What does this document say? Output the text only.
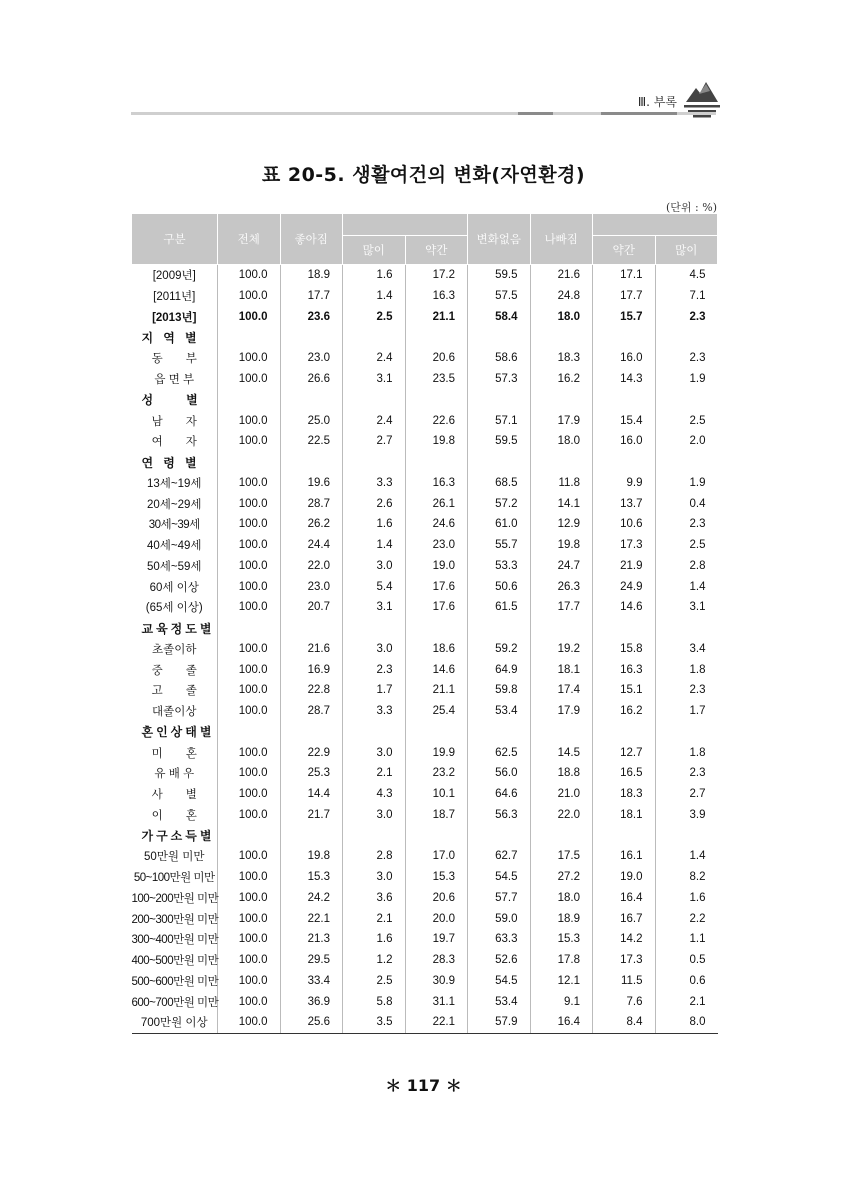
Ⅲ. 부록
표 20-5. 생활여건의 변화(자연환경)
(단위 : %)
구분	전체	좋아짐			변화없음	나빠짐		
			많이	약간			약간	많이
[2009년]	100.0	18.9	1.6	17.2	59.5	21.6	17.1	4.5
[2011년]	100.0	17.7	1.4	16.3	57.5	24.8	17.7	7.1
[2013년]	100.0	23.6	2.5	21.1	58.4	18.0	15.7	2.3
지 역 별								
동　　부	100.0	23.0	2.4	20.6	58.6	18.3	16.0	2.3
읍 면 부	100.0	26.6	3.1	23.5	57.3	16.2	14.3	1.9
성　　별								
남　　자	100.0	25.0	2.4	22.6	57.1	17.9	15.4	2.5
여　　자	100.0	22.5	2.7	19.8	59.5	18.0	16.0	2.0
연 령 별								
13세~19세	100.0	19.6	3.3	16.3	68.5	11.8	9.9	1.9
20세~29세	100.0	28.7	2.6	26.1	57.2	14.1	13.7	0.4
30세~39세	100.0	26.2	1.6	24.6	61.0	12.9	10.6	2.3
40세~49세	100.0	24.4	1.4	23.0	55.7	19.8	17.3	2.5
50세~59세	100.0	22.0	3.0	19.0	53.3	24.7	21.9	2.8
60세 이상	100.0	23.0	5.4	17.6	50.6	26.3	24.9	1.4
(65세 이상)	100.0	20.7	3.1	17.6	61.5	17.7	14.6	3.1
교육정도별								
초졸이하	100.0	21.6	3.0	18.6	59.2	19.2	15.8	3.4
중　　졸	100.0	16.9	2.3	14.6	64.9	18.1	16.3	1.8
고　　졸	100.0	22.8	1.7	21.1	59.8	17.4	15.1	2.3
대졸이상	100.0	28.7	3.3	25.4	53.4	17.9	16.2	1.7
혼인상태별								
미　　혼	100.0	22.9	3.0	19.9	62.5	14.5	12.7	1.8
유 배 우	100.0	25.3	2.1	23.2	56.0	18.8	16.5	2.3
사　　별	100.0	14.4	4.3	10.1	64.6	21.0	18.3	2.7
이　　혼	100.0	21.7	3.0	18.7	56.3	22.0	18.1	3.9
가구소득별								
50만원 미만	100.0	19.8	2.8	17.0	62.7	17.5	16.1	1.4
50~100만원 미만	100.0	15.3	3.0	15.3	54.5	27.2	19.0	8.2
100~200만원 미만	100.0	24.2	3.6	20.6	57.7	18.0	16.4	1.6
200~300만원 미만	100.0	22.1	2.1	20.0	59.0	18.9	16.7	2.2
300~400만원 미만	100.0	21.3	1.6	19.7	63.3	15.3	14.2	1.1
400~500만원 미만	100.0	29.5	1.2	28.3	52.6	17.8	17.3	0.5
500~600만원 미만	100.0	33.4	2.5	30.9	54.5	12.1	11.5	0.6
600~700만원 미만	100.0	36.9	5.8	31.1	53.4	9.1	7.6	2.1
700만원 이상	100.0	25.6	3.5	22.1	57.9	16.4	8.4	8.0
＊ 117 ＊
